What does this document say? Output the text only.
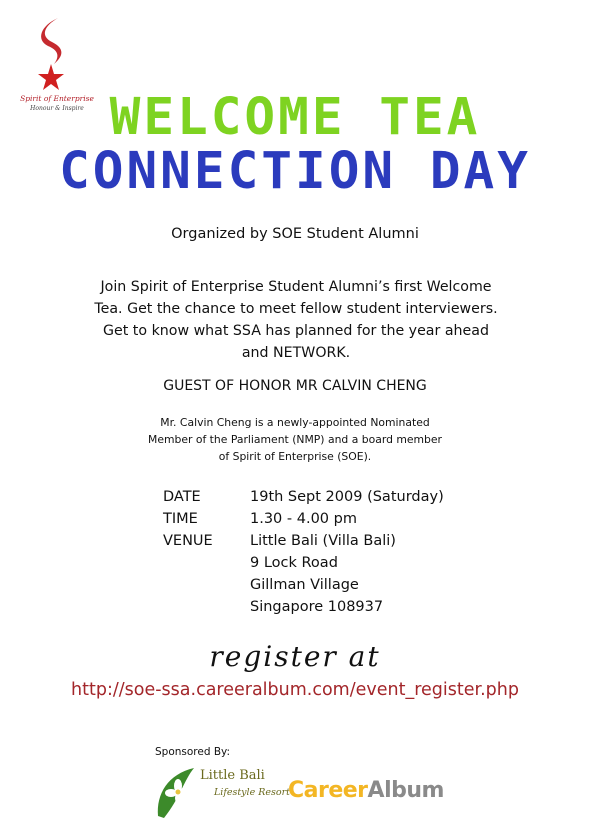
Spirit of Enterprise
Honour & Inspire WELCOME TEA
CONNECTION DAY
Organized by SOE Student Alumni
Join Spirit of Enterprise Student Alumni’s first Welcome
Tea. Get the chance to meet fellow student interviewers.
Get to know what SSA has planned for the year ahead
and NETWORK.
GUEST OF HONOR MR CALVIN CHENG
Mr. Calvin Cheng is a newly-appointed Nominated
Member of the Parliament (NMP) and a board member
of Spirit of Enterprise (SOE).
DATE	19th Sept 2009 (Saturday)
TIME	1.30 - 4.00 pm
VENUE	Little Bali (Villa Bali)
9 Lock Road
Gillman Village
Singapore 108937
register at
http://soe-ssa.careeralbum.com/event_register.php
Sponsored By:
Little Bali
Lifestyle Resort
CareerAlbum
